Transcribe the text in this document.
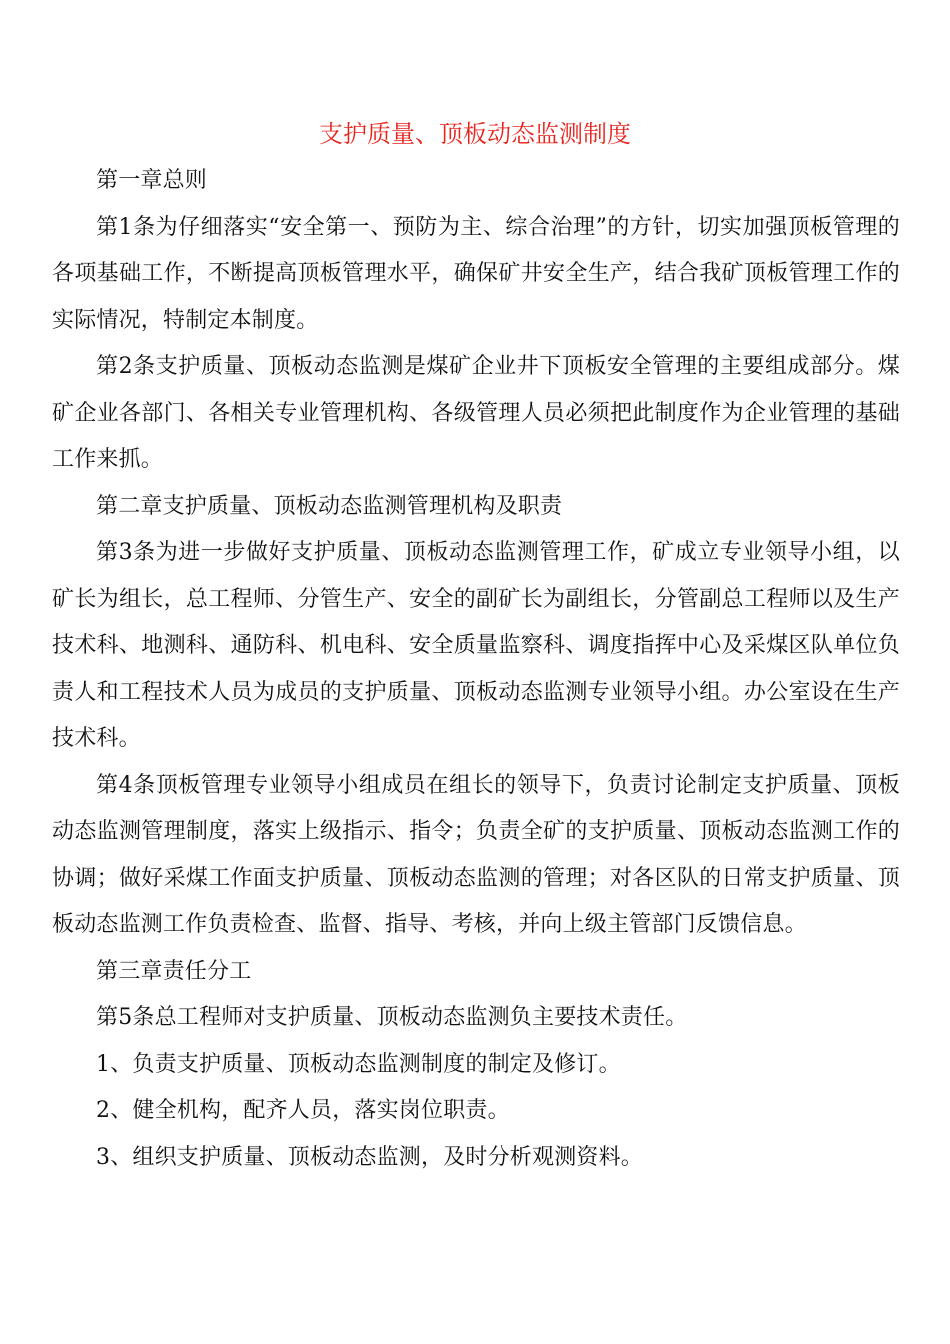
支护质量、顶板动态监测制度

第一章总则

第1条为仔细落实“安全第一、预防为主、综合治理”的方针，切实加强顶板管理的各项基础工作，不断提高顶板管理水平，确保矿井安全生产，结合我矿顶板管理工作的实际情况，特制定本制度。

第2条支护质量、顶板动态监测是煤矿企业井下顶板安全管理的主要组成部分。煤矿企业各部门、各相关专业管理机构、各级管理人员必须把此制度作为企业管理的基础工作来抓。

第二章支护质量、顶板动态监测管理机构及职责

第3条为进一步做好支护质量、顶板动态监测管理工作，矿成立专业领导小组，以矿长为组长，总工程师、分管生产、安全的副矿长为副组长，分管副总工程师以及生产技术科、地测科、通防科、机电科、安全质量监察科、调度指挥中心及采煤区队单位负责人和工程技术人员为成员的支护质量、顶板动态监测专业领导小组。办公室设在生产技术科。

第4条顶板管理专业领导小组成员在组长的领导下，负责讨论制定支护质量、顶板动态监测管理制度，落实上级指示、指令；负责全矿的支护质量、顶板动态监测工作的协调；做好采煤工作面支护质量、顶板动态监测的管理；对各区队的日常支护质量、顶板动态监测工作负责检查、监督、指导、考核，并向上级主管部门反馈信息。

第三章责任分工

第5条总工程师对支护质量、顶板动态监测负主要技术责任。

1、负责支护质量、顶板动态监测制度的制定及修订。

2、健全机构，配齐人员，落实岗位职责。

3、组织支护质量、顶板动态监测，及时分析观测资料。
